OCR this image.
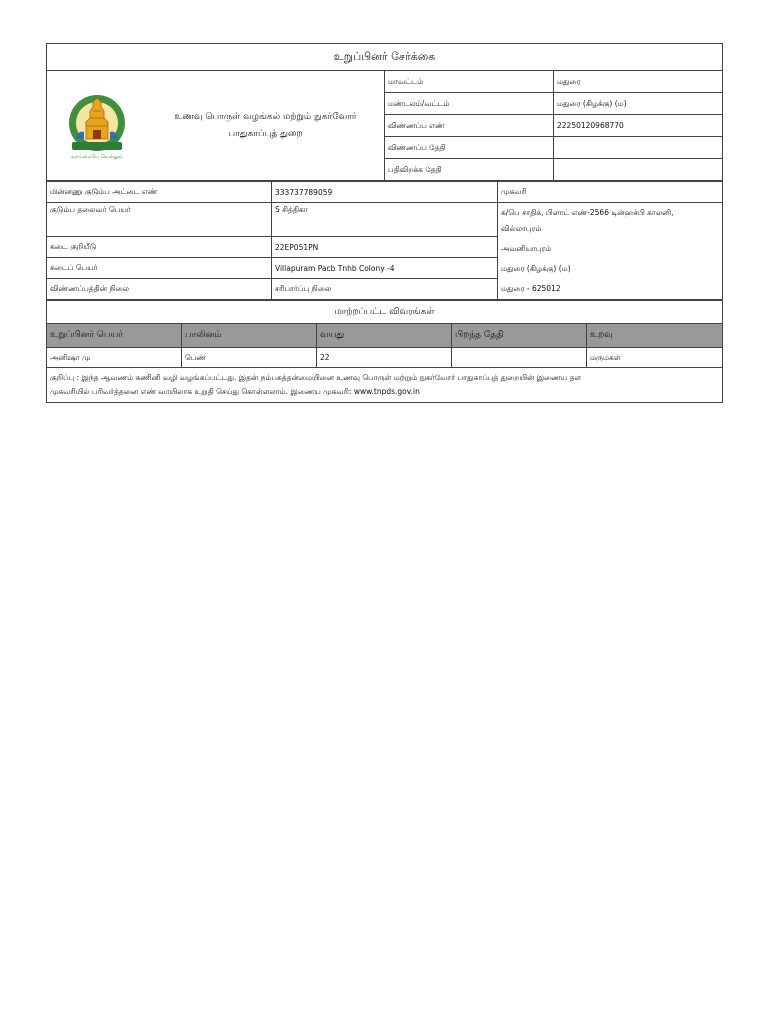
உறுப்பினர் சேர்க்கை		

வாய்மையே வெல்லும்
உணவு பொருள் வழங்கல் மற்றும் நுகர்வோர்
பாதுகாப்புத் துறை	மாவட்டம்	மதுரை
	மண்டலம்/வட்டம்	மதுரை (கிழக்கு) (ம)
	விண்ணப்ப எண்	22250120968770
	விண்ணப்ப தேதி	
	பதிவிறக்க தேதி	
மின்னணு குடும்ப அட்டை எண்	333737789059	முகவரி
குடும்ப தலைவர் பெயர்	S சித்திகா	க/பெ சாதிக், பிளாட் எண்-2566 டின்ஹச்பி காலனி,
வில்லாபுரம்
அவனியாபுரம்
மதுரை (கிழக்கு) (ம)
மதுரை - 625012

கடை குறியீடு	22EP051PN	
கடைப் பெயர்	Villapuram Pacb Tnhb Colony -4	
விண்ணப்பத்தின் நிலை	சரிபார்ப்பு நிலை	
மாற்றப்பட்ட விவரங்கள்				
உறுப்பினர் பெயர்	பாலினம்	வயது	பிறந்த தேதி	உறவு
அனிஷா மு	பெண்	22		மருமகள்

குறிப்பு : இந்த ஆவணம் கணினி வழி வழங்கப்பட்டது. இதன் நம்பகத்தன்மையினை உணவு பொருள் மற்றும் நுகர்வோர் பாதுகாப்புத் துறையின் இணைய தள
முகவரியில் பரிவர்த்தனை எண் வாயிலாக உறுதி செய்து கொள்ளலாம். இணைய முகவரி: www.tnpds.gov.in				
